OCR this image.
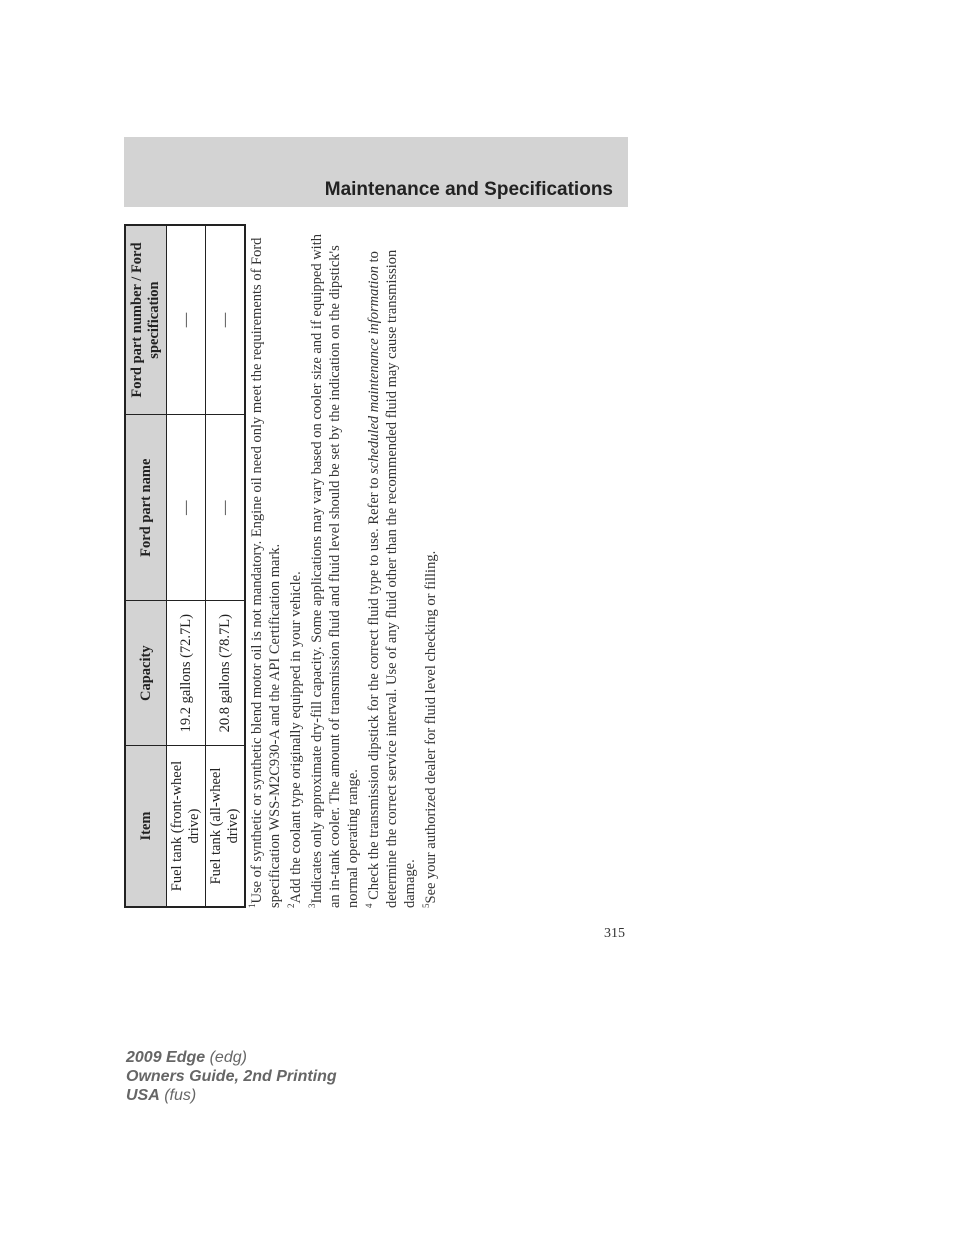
Maintenance and Specifications
Item	Capacity	Ford part name	Ford part number / Ford specification
Fuel tank (front-wheel drive)	19.2 gallons (72.7L)	—	—
Fuel tank (all-wheel drive)	20.8 gallons (78.7L)	—	—

$^1$Use of synthetic or synthetic blend motor oil is not mandatory. Engine oil need only meet the requirements of Ford specification WSS-M2C930-A and the API Certification mark. $^2$Add the coolant type originally equipped in your vehicle.

$^3$Indicates only approximate dry-fill capacity. Some applications may vary based on cooler size and if equipped with an in-tank cooler. The amount of transmission fluid and fluid level should be set by the indication on the dipstick's normal operating range. $^4$ Check the transmission dipstick for the correct fluid type to use. Refer to scheduled maintenance information to determine the correct service interval. Use of any fluid other than the recommended fluid may cause transmission damage. $^5$See your authorized dealer for fluid level checking or filling.

315
2009 Edge (edg)
Owners Guide, 2nd Printing
USA (fus)
